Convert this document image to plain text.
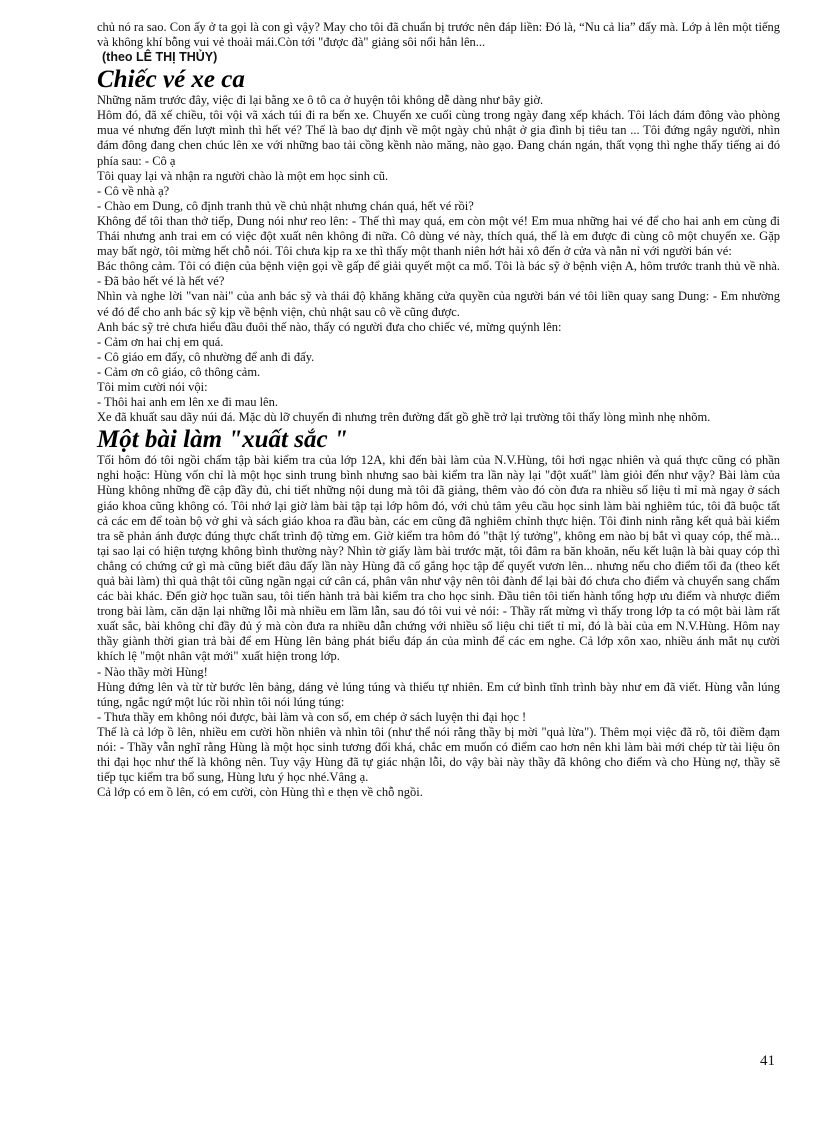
chủ nó ra sao. Con ấy ở ta gọi là con gì vậy? May cho tôi đã chuẩn bị trước nên đáp liền: Đó là, “Nu cả lia” đấy mà. Lớp ả lên một tiếng và không khí bỗng vui vẻ thoải mái.Còn tới "được đà" giảng sôi nổi hẳn lên...

(theo LÊ THỊ THỦY)

Chiếc vé xe ca

Những năm trước đây, việc đi lại bằng xe ô tô ca ở huyện tôi không dễ dàng như bây giờ.

Hôm đó, đã xế chiều, tôi vội vã xách túi đi ra bến xe. Chuyến xe cuối cùng trong ngày đang xếp khách. Tôi lách đám đông vào phòng mua vé nhưng đến lượt mình thì hết vé? Thế là bao dự định về một ngày chủ nhật ở gia đình bị tiêu tan ... Tôi đứng ngây người, nhìn đám đông đang chen chúc lên xe với những bao tải cồng kềnh nào măng, nào gạo. Đang chán ngán, thất vọng thì nghe thấy tiếng ai đó phía sau: - Cô ạ

Tôi quay lại và nhận ra người chào là một em học sinh cũ.

- Cô về nhà ạ?

- Chào em Dung, cô định tranh thủ về chủ nhật nhưng chán quá, hết vé rồi?

Không để tôi than thở tiếp, Dung nói như reo lên: - Thế thì may quá, em còn một vé! Em mua những hai vé để cho hai anh em cùng đi Thái nhưng anh trai em có việc đột xuất nên không đi nữa. Cô dùng vé này, thích quá, thế là em được đi cùng cô một chuyến xe. Gặp may bất ngờ, tôi mừng hết chỗ nói. Tôi chưa kịp ra xe thì thấy một thanh niên hớt hải xô đến ở cửa và nằn nỉ với người bán vé:

Bác thông cảm. Tôi có điện của bệnh viện gọi về gấp để giải quyết một ca mổ. Tôi là bác sỹ ở bệnh viện A, hôm trước tranh thủ về nhà. - Đã bảo hết vé là hết vé?

Nhìn và nghe lời "van nài" của anh bác sỹ và thái độ khăng khăng cửa quyền của người bán vé tôi liền quay sang Dung: - Em nhường vé đó để cho anh bác sỹ kịp về bệnh viện, chủ nhật sau cô về cũng được.

Anh bác sỹ trẻ chưa hiểu đầu đuôi thế nào, thấy có người đưa cho chiếc vé, mừng quýnh lên:

- Cảm ơn hai chị em quá.

- Cô giáo em đấy, cô nhường để anh đi đấy.

- Cảm ơn cô giáo, cô thông cảm.

Tôi mỉm cười nói vội:

- Thôi hai anh em lên xe đi mau lên.

Xe đã khuất sau dãy núi đá. Mặc dù lỡ chuyến đi nhưng trên đường đất gồ ghề trở lại trường tôi thấy lòng mình nhẹ nhõm.

Một bài làm "xuất sắc "

Tối hôm đó tôi ngồi chấm tập bài kiểm tra của lớp 12A, khi đến bài làm của N.V.Hùng, tôi hơi ngạc nhiên và quá thực cũng có phần nghi hoặc: Hùng vốn chỉ là một học sinh trung bình nhưng sao bài kiểm tra lần này lại "đột xuất" làm giỏi đến như vậy? Bài làm của Hùng không những đề cập đầy đủ, chi tiết những nội dung mà tôi đã giảng, thêm vào đó còn đưa ra nhiều số liệu tỉ mỉ mà ngay ở sách giáo khoa cũng không có. Tôi nhớ lại giờ làm bài tập tại lớp hôm đó, với chủ tâm yêu cầu học sinh làm bài nghiêm túc, tôi đã buộc tất cả các em để toàn bộ vở ghi và sách giáo khoa ra đầu bàn, các em cũng đã nghiêm chỉnh thực hiện. Tôi đinh ninh rằng kết quả bài kiểm tra sẽ phản ánh được đúng thực chất trình độ từng em. Giờ kiểm tra hôm đó "thật lý tưởng", không em nào bị bắt vì quay cóp, thế mà... tại sao lại có hiện tượng không bình thường này? Nhìn tờ giấy làm bài trước mặt, tôi đâm ra băn khoăn, nếu kết luận là bài quay cóp thì chẳng có chứng cứ gì mà cũng biết đâu đấy lần này Hùng đã cố gắng học tập để quyết vươn lên... nhưng nếu cho điểm tối đa (theo kết quả bài làm) thì quả thật tôi cũng ngần ngại cứ cân cá, phân vân như vậy nên tôi đành để lại bài đó chưa cho điểm và chuyển sang chấm các bài khác. Đến giờ học tuần sau, tôi tiến hành trả bài kiểm tra cho học sinh. Đầu tiên tôi tiến hành tổng hợp ưu điểm và nhược điểm trong bài làm, căn dặn lại những lỗi mà nhiều em lầm lẫn, sau đó tôi vui vẻ nói: - Thầy rất mừng vì thấy trong lớp ta có một bài làm rất xuất sắc, bài không chỉ đầy đủ ý mà còn đưa ra nhiều dẫn chứng với nhiều số liệu chi tiết tỉ mỉ, đó là bài của em N.V.Hùng. Hôm nay thầy giành thời gian trả bài để em Hùng lên bảng phát biểu đáp án của mình để các em nghe. Cả lớp xôn xao, nhiều ánh mắt nụ cười khích lệ "một nhân vật mới" xuất hiện trong lớp.

- Nào thầy mời Hùng!

Hùng đứng lên và từ từ bước lên bảng, dáng vẻ lúng túng và thiếu tự nhiên. Em cứ bình tĩnh trình bày như em đã viết. Hùng vẫn lúng túng, ngắc ngứ một lúc rồi nhìn tôi nói lúng túng:

- Thưa thầy em không nói được, bài làm và con số, em chép ở sách luyện thi đại học !

Thế là cả lớp ồ lên, nhiều em cười hồn nhiên và nhìn tôi (như thể nói rằng thầy bị mời "quả lừa"). Thêm mọi việc đã rõ, tôi điềm đạm nói: - Thầy vẫn nghĩ rằng Hùng là một học sinh tương đối khá, chắc em muốn có điểm cao hơn nên khi làm bài mới chép từ tài liệu ôn thi đại học như thế là không nên. Tuy vậy Hùng đã tự giác nhận lỗi, do vậy bài này thầy đã không cho điểm và cho Hùng nợ, thầy sẽ tiếp tục kiểm tra bổ sung, Hùng lưu ý học nhé.Vâng ạ.

Cả lớp có em ồ lên, có em cười, còn Hùng thì e thẹn về chỗ ngồi.

41
